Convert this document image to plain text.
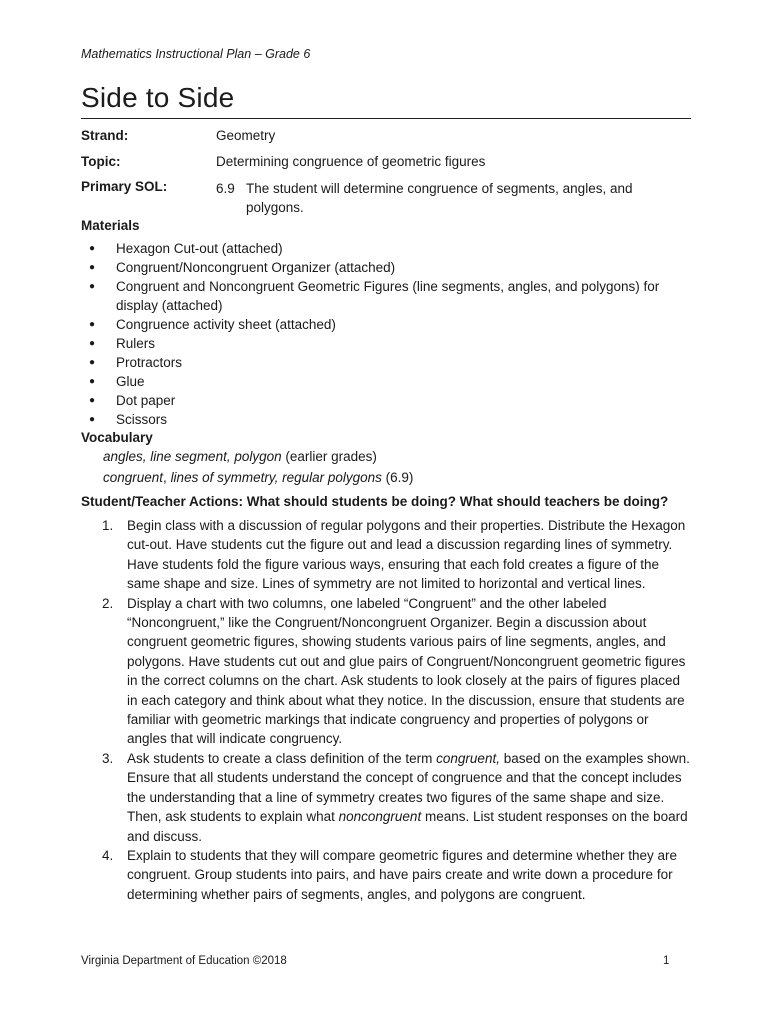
Mathematics Instructional Plan – Grade 6
Side to Side
Strand:	Geometry
Topic:	Determining congruence of geometric figures
Primary SOL:	6.9 The student will determine congruence of segments, angles, and polygons.
Materials
● Hexagon Cut-out (attached)
● Congruent/Noncongruent Organizer (attached)
● Congruent and Noncongruent Geometric Figures (line segments, angles, and polygons) for display (attached)
● Congruence activity sheet (attached)
● Rulers
● Protractors
● Glue
● Dot paper
● Scissors
Vocabulary
angles, line segment, polygon (earlier grades)
congruent, lines of symmetry, regular polygons (6.9)
Student/Teacher Actions: What should students be doing? What should teachers be doing?
1. Begin class with a discussion of regular polygons and their properties. Distribute the Hexagon cut-out. Have students cut the figure out and lead a discussion regarding lines of symmetry. Have students fold the figure various ways, ensuring that each fold creates a figure of the same shape and size. Lines of symmetry are not limited to horizontal and vertical lines.
2. Display a chart with two columns, one labeled “Congruent” and the other labeled “Noncongruent,” like the Congruent/Noncongruent Organizer. Begin a discussion about congruent geometric figures, showing students various pairs of line segments, angles, and polygons. Have students cut out and glue pairs of Congruent/Noncongruent geometric figures in the correct columns on the chart. Ask students to look closely at the pairs of figures placed in each category and think about what they notice. In the discussion, ensure that students are familiar with geometric markings that indicate congruency and properties of polygons or angles that will indicate congruency.
3. Ask students to create a class definition of the term congruent, based on the examples shown. Ensure that all students understand the concept of congruence and that the concept includes the understanding that a line of symmetry creates two figures of the same shape and size. Then, ask students to explain what noncongruent means. List student responses on the board and discuss.
4. Explain to students that they will compare geometric figures and determine whether they are congruent. Group students into pairs, and have pairs create and write down a procedure for determining whether pairs of segments, angles, and polygons are congruent.
Virginia Department of Education ©2018	1
